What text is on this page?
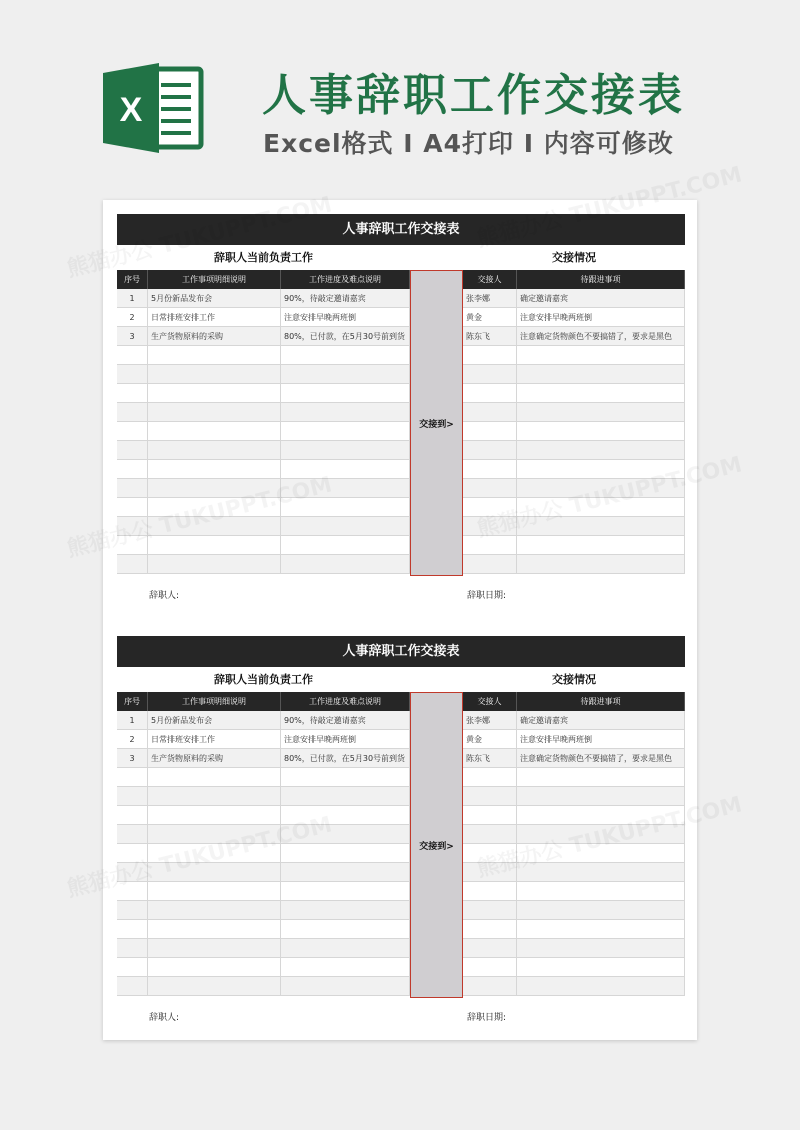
X	人事辞职工作交接表
Excel格式 I A4打印 I 内容可修改
人事辞职工作交接表
辞职人当前负责工作	交接情况
序号	工作事项明细说明	工作进度及难点说明	交接人	待跟进事项
1	5月份新品发布会	90%，待敲定邀请嘉宾	张李娜	确定邀请嘉宾
2	日常排班安排工作	注意安排早晚两班倒	黄金	注意安排早晚两班倒
3	生产货物原料的采购	80%，已付款，在5月30号前到货	陈东飞	注意确定货物颜色不要搞错了，要求是黑色
交接到>
辞职人:	辞职日期:
人事辞职工作交接表
辞职人当前负责工作	交接情况
序号	工作事项明细说明	工作进度及难点说明	交接人	待跟进事项
1	5月份新品发布会	90%，待敲定邀请嘉宾	张李娜	确定邀请嘉宾
2	日常排班安排工作	注意安排早晚两班倒	黄金	注意安排早晚两班倒
3	生产货物原料的采购	80%，已付款，在5月30号前到货	陈东飞	注意确定货物颜色不要搞错了，要求是黑色
交接到>
辞职人:	辞职日期:
